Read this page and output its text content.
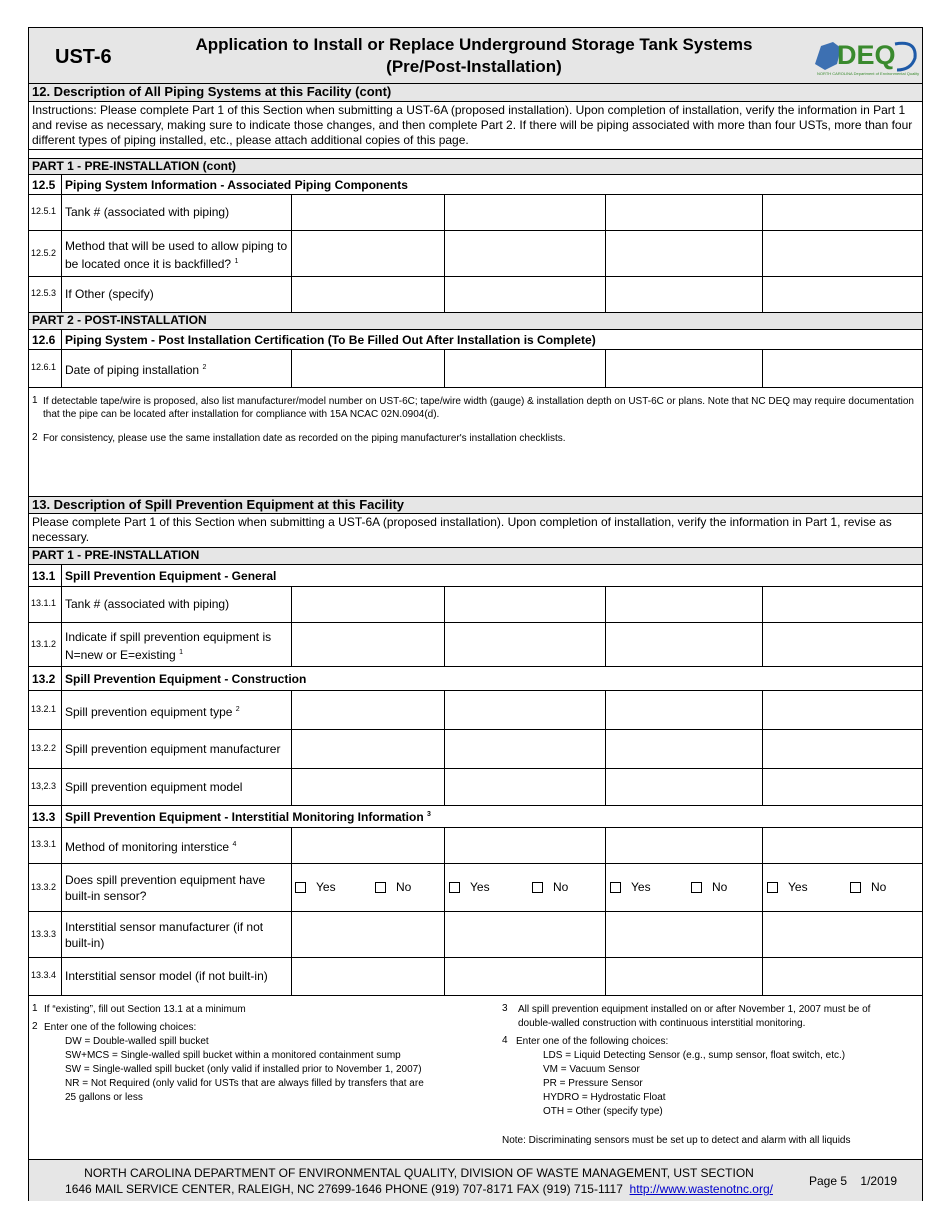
UST-6
Application to Install or Replace Underground Storage Tank Systems
(Pre/Post-Installation)	DEQ
NORTH CAROLINA Department of Environmental Quality
12. Description of All Piping Systems at this Facility (cont)
Instructions: Please complete Part 1 of this Section when submitting a UST-6A (proposed installation). Upon completion of installation, verify the information in Part 1 and revise as necessary, making sure to indicate those changes, and then complete Part 2. If there will be piping associated with more than four USTs, more than four different types of piping installed, etc., please attach additional copies of this page.
PART 1 - PRE-INSTALLATION (cont)
12.5 Piping System Information - Associated Piping Components
12.5.1 Tank # (associated with piping)
12.5.2 Method that will be used to allow piping to be located once it is backfilled? $^1$
12.5.3 If Other (specify)
PART 2 - POST-INSTALLATION
12.6 Piping System - Post Installation Certification (To Be Filled Out After Installation is Complete)
12.6.1 Date of piping installation $^2$
1 If detectable tape/wire is proposed, also list manufacturer/model number on UST-6C; tape/wire width (gauge) & installation depth on UST-6C or plans. Note that NC DEQ may require documentation that the pipe can be located after installation for compliance with 15A NCAC 02N.0904(d).
2 For consistency, please use the same installation date as recorded on the piping manufacturer's installation checklists.
13. Description of Spill Prevention Equipment at this Facility
Please complete Part 1 of this Section when submitting a UST-6A (proposed installation). Upon completion of installation, verify the information in Part 1, revise as necessary.
PART 1 - PRE-INSTALLATION
13.1 Spill Prevention Equipment - General
13.1.1 Tank # (associated with piping)
13.1.2 Indicate if spill prevention equipment is N=new or E=existing $^1$
13.2 Spill Prevention Equipment - Construction
13.2.1 Spill prevention equipment type $^2$
13.2.2 Spill prevention equipment manufacturer
13,2.3 Spill prevention equipment model
13.3 Spill Prevention Equipment - Interstitial Monitoring Information $^3$
13.3.1 Method of monitoring interstice $^4$
13.3.2 Does spill prevention equipment have built-in sensor?
Yes	No	Yes	No	Yes	No	Yes	No
13.3.3 Interstitial sensor manufacturer (if not built-in)
13.3.4 Interstitial sensor model (if not built-in)
1 If “existing”, fill out Section 13.1 at a minimum
2 Enter one of the following choices:
DW = Double-walled spill bucket
SW+MCS = Single-walled spill bucket within a monitored containment sump
SW = Single-walled spill bucket (only valid if installed prior to November 1, 2007)
NR = Not Required (only valid for USTs that are always filled by transfers that are
25 gallons or less
3 All spill prevention equipment installed on or after November 1, 2007 must be of
double-walled construction with continuous interstitial monitoring.
4 Enter one of the following choices:
LDS = Liquid Detecting Sensor (e.g., sump sensor, float switch, etc.)
VM = Vacuum Sensor
PR = Pressure Sensor
HYDRO = Hydrostatic Float
OTH = Other (specify type)
Note: Discriminating sensors must be set up to detect and alarm with all liquids
NORTH CAROLINA DEPARTMENT OF ENVIRONMENTAL QUALITY, DIVISION OF WASTE MANAGEMENT, UST SECTION
1646 MAIL SERVICE CENTER, RALEIGH, NC 27699-1646 PHONE (919) 707-8171 FAX (919) 715-1117 http://www.wastenotnc.org/
Page 5 1/2019
